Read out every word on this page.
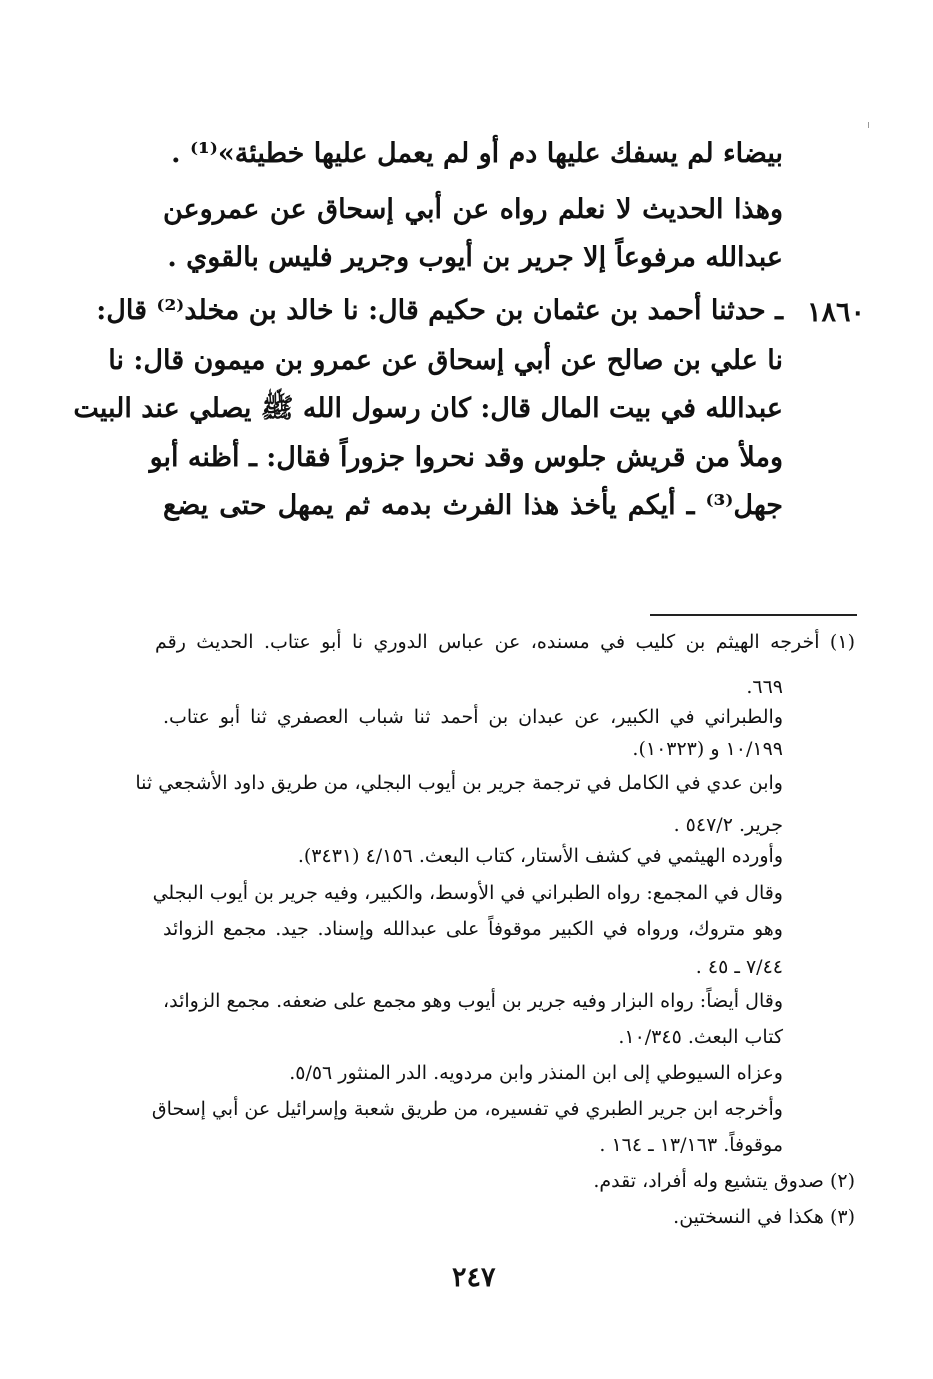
بيضاء لم يسفك عليها دم أو لم يعمل عليها خطيئة»⁽¹⁾ .
وهذا الحديث لا نعلم رواه عن أبي إسحاق عن عمروعن
عبدالله مرفوعاً إلا جرير بن أيوب وجرير فليس بالقوي .
١٨٦٠
ـ حدثنا أحمد بن عثمان بن حكيم قال: نا خالد بن مخلد⁽²⁾ قال:
نا علي بن صالح عن أبي إسحاق عن عمرو بن ميمون قال: نا
عبدالله في بيت المال قال: كان رسول الله ﷺ يصلي عند البيت
وملأ من قريش جلوس وقد نحروا جزوراً فقال: ـ أظنه أبو
جهل⁽³⁾ ـ أيكم يأخذ هذا الفرث بدمه ثم يمهل حتى يضع
(١) أخرجه الهيثم بن كليب في مسنده، عن عباس الدوري نا أبو عتاب. الحديث رقم
٦٦٩.
والطبراني في الكبير، عن عبدان بن أحمد ثنا شباب العصفري ثنا أبو عتاب.
١٠/١٩٩ و (١٠٣٢٣).
وابن عدي في الكامل في ترجمة جرير بن أيوب البجلي، من طريق داود الأشجعي ثنا
جرير. ٥٤٧/٢ .
وأورده الهيثمي في كشف الأستار، كتاب البعث. ٤/١٥٦ (٣٤٣١).
وقال في المجمع: رواه الطبراني في الأوسط، والكبير، وفيه جرير بن أيوب البجلي
وهو متروك، ورواه في الكبير موقوفاً على عبدالله وإسناد. جيد. مجمع الزوائد
٧/٤٤ ـ ٤٥ .
وقال أيضاً: رواه البزار وفيه جرير بن أيوب وهو مجمع على ضعفه. مجمع الزوائد،
كتاب البعث. ١٠/٣٤٥.
وعزاه السيوطي إلى ابن المنذر وابن مردويه. الدر المنثور ٥/٥٦.
وأخرجه ابن جرير الطبري في تفسيره، من طريق شعبة وإسرائيل عن أبي إسحاق
موقوفاً. ١٣/١٦٣ ـ ١٦٤ .
(٢) صدوق يتشيع وله أفراد، تقدم.
(٣) هكذا في النسختين.
٢٤٧
